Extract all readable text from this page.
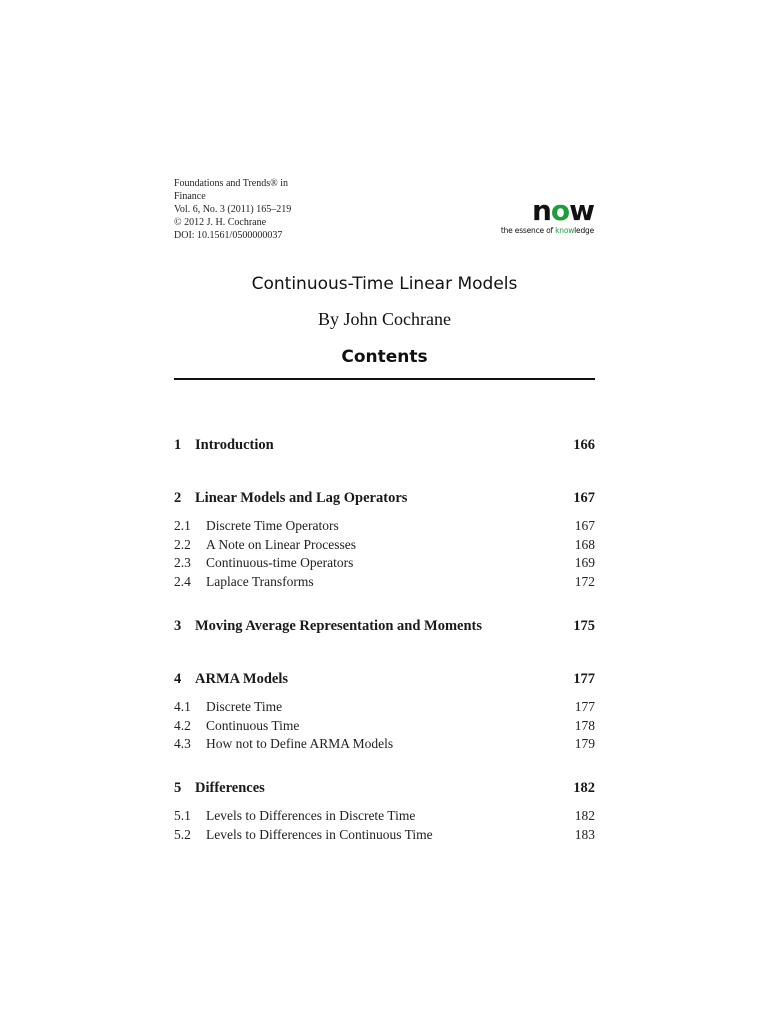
Foundations and Trends® in
Finance
Vol. 6, No. 3 (2011) 165–219
© 2012 J. H. Cochrane
DOI: 10.1561/0500000037
now
the essence of knowledge
Continuous-Time Linear Models
By John Cochrane
Contents
1 Introduction	166
2 Linear Models and Lag Operators	167
2.1 Discrete Time Operators	167
2.2 A Note on Linear Processes	168
2.3 Continuous-time Operators	169
2.4 Laplace Transforms	172
3 Moving Average Representation and Moments	175
4 ARMA Models	177
4.1 Discrete Time	177
4.2 Continuous Time	178
4.3 How not to Define ARMA Models	179
5 Differences	182
5.1 Levels to Differences in Discrete Time	182
5.2 Levels to Differences in Continuous Time	183
